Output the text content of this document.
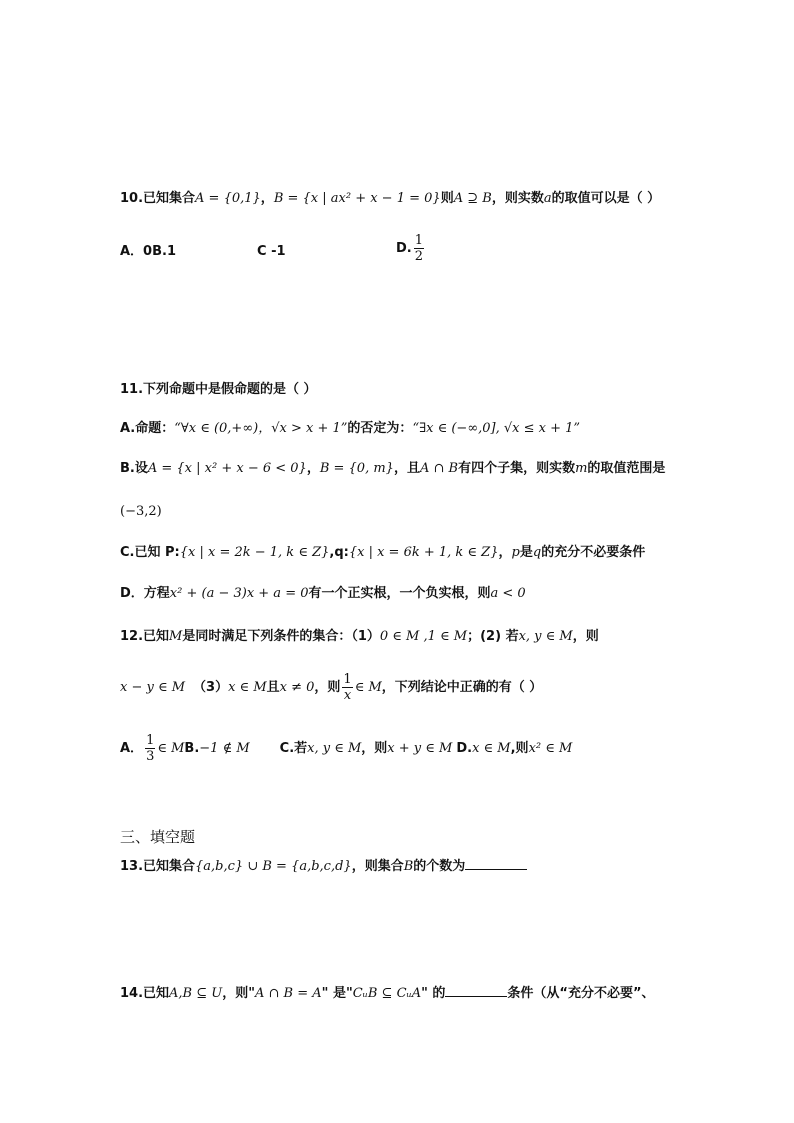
10.已知集合A = {0,1}，B = {x | ax² + x − 1 = 0}则A ⊇ B，则实数a的取值可以是（ ）
A．0B.1	C -1	D. $\frac{1}{2}$
11.下列命题中是假命题的是（ ）
A.命题：“∀x ∈ (0,+∞)，√x > x + 1”的否定为：“∃x ∈ (−∞,0], √x ≤ x + 1”
B.设A = {x | x² + x − 6 < 0}，B = {0, m}，且A ∩ B有四个子集，则实数m的取值范围是
(−3,2)
C.已知 P:{x | x = 2k − 1, k ∈ Z},q:{x | x = 6k + 1, k ∈ Z}，p是q的充分不必要条件
D．方程x² + (a − 3)x + a = 0有一个正实根，一个负实根，则a < 0
12.已知M是同时满足下列条件的集合：（1）0 ∈ M ,1 ∈ M；(2) 若x, y ∈ M，则
x − y ∈ M （3）x ∈ M且x ≠ 0，则 $\frac{1}{x}$ ∈ M，下列结论中正确的有（ ）
A． $\frac{1}{3}$ ∈ MB.−1 ∉ M C.若x, y ∈ M，则x + y ∈ M D.x ∈ M,则x² ∈ M
三、填空题
13.已知集合{a,b,c} ∪ B = {a,b,c,d}，则集合B的个数为
14.已知A,B ⊆ U，则"A ∩ B = A" 是"CᵤB ⊆ CᵤA" 的	条件（从“充分不必要”、
